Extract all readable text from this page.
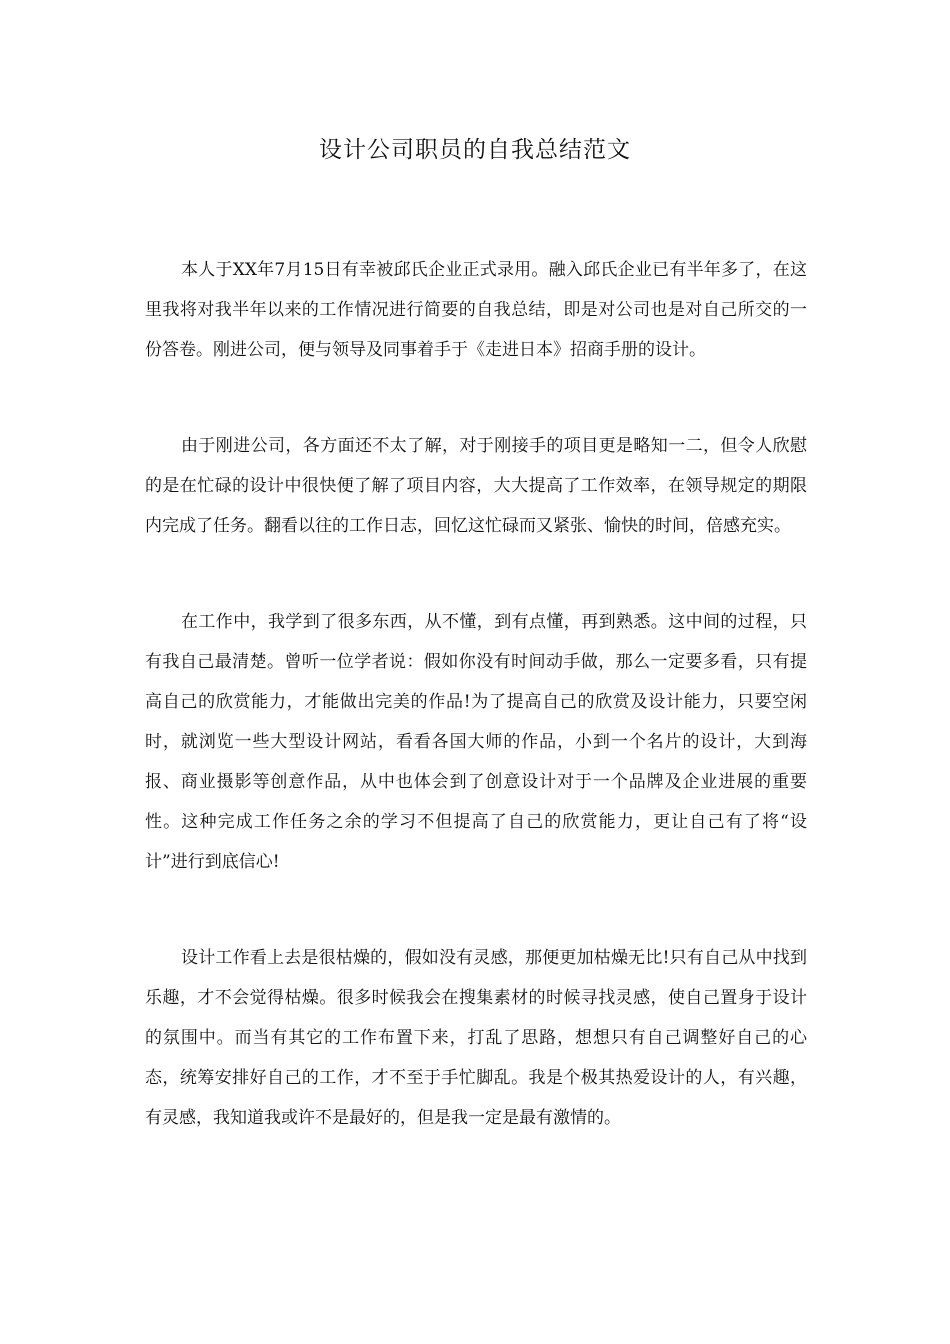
设计公司职员的自我总结范文

本人于XX年7月15日有幸被邱氏企业正式录用。融入邱氏企业已有半年多了，在这里我将对我半年以来的工作情况进行简要的自我总结，即是对公司也是对自己所交的一份答卷。刚进公司，便与领导及同事着手于《走进日本》招商手册的设计。

由于刚进公司，各方面还不太了解，对于刚接手的项目更是略知一二，但令人欣慰的是在忙碌的设计中很快便了解了项目内容，大大提高了工作效率，在领导规定的期限内完成了任务。翻看以往的工作日志，回忆这忙碌而又紧张、愉快的时间，倍感充实。

在工作中，我学到了很多东西，从不懂，到有点懂，再到熟悉。这中间的过程，只有我自己最清楚。曾听一位学者说：假如你没有时间动手做，那么一定要多看，只有提高自己的欣赏能力，才能做出完美的作品!为了提高自己的欣赏及设计能力，只要空闲时，就浏览一些大型设计网站，看看各国大师的作品，小到一个名片的设计，大到海报、商业摄影等创意作品，从中也体会到了创意设计对于一个品牌及企业进展的重要性。这种完成工作任务之余的学习不但提高了自己的欣赏能力，更让自己有了将“设计”进行到底信心!

设计工作看上去是很枯燥的，假如没有灵感，那便更加枯燥无比!只有自己从中找到乐趣，才不会觉得枯燥。很多时候我会在搜集素材的时候寻找灵感，使自己置身于设计的氛围中。而当有其它的工作布置下来，打乱了思路，想想只有自己调整好自己的心态，统筹安排好自己的工作，才不至于手忙脚乱。我是个极其热爱设计的人，有兴趣，有灵感，我知道我或许不是最好的，但是我一定是最有激情的。
